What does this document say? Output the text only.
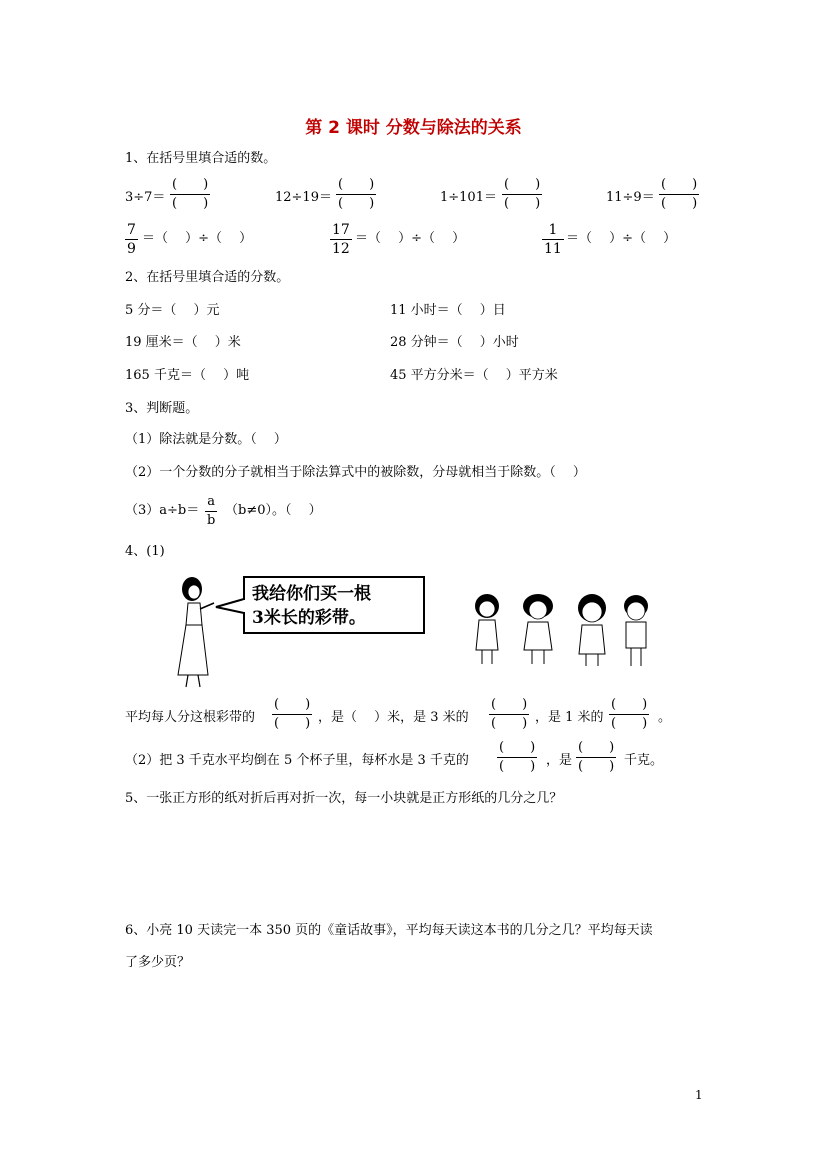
第 2 课时 分数与除法的关系
1、在括号里填合适的数。
3÷7＝
(　　)
(　　)	12÷19＝
(　　)
(　　)	1÷101＝
(　　)
(　　)	11÷9＝
(　　)
(　　)
7
9
＝（　 ）÷（　 ）
17
12
＝（　 ）÷（　 ）
1
11
＝（　 ）÷（　 ）
2、在括号里填合适的分数。
5 分＝（　 ）元	11 小时＝（　 ）日
19 厘米＝（　 ）米	28 分钟＝（　 ）小时
165 千克＝（　 ）吨	45 平方分米＝（　 ）平方米
3、判断题。
（1）除法就是分数。（　 ）
（2）一个分数的分子就相当于除法算式中的被除数，分母就相当于除数。（　 ）
（3）a÷b＝
a
b
（b≠0）。（　 ）
4、(1)
我给你们买一根
3米长的彩带。
平均每人分这根彩带的
(　　)
(　　) ，是（　 ）米，是 3 米的
(　　)
(　　) ，是 1 米的
(　　)
(　　) 。
（2）把 3 千克水平均倒在 5 个杯子里，每杯水是 3 千克的
(　　)
(　　) ，是
(　　)
(　　) 千克。
5、一张正方形的纸对折后再对折一次，每一小块就是正方形纸的几分之几？
6、小亮 10 天读完一本 350 页的《童话故事》，平均每天读这本书的几分之几？平均每天读
了多少页？
1
